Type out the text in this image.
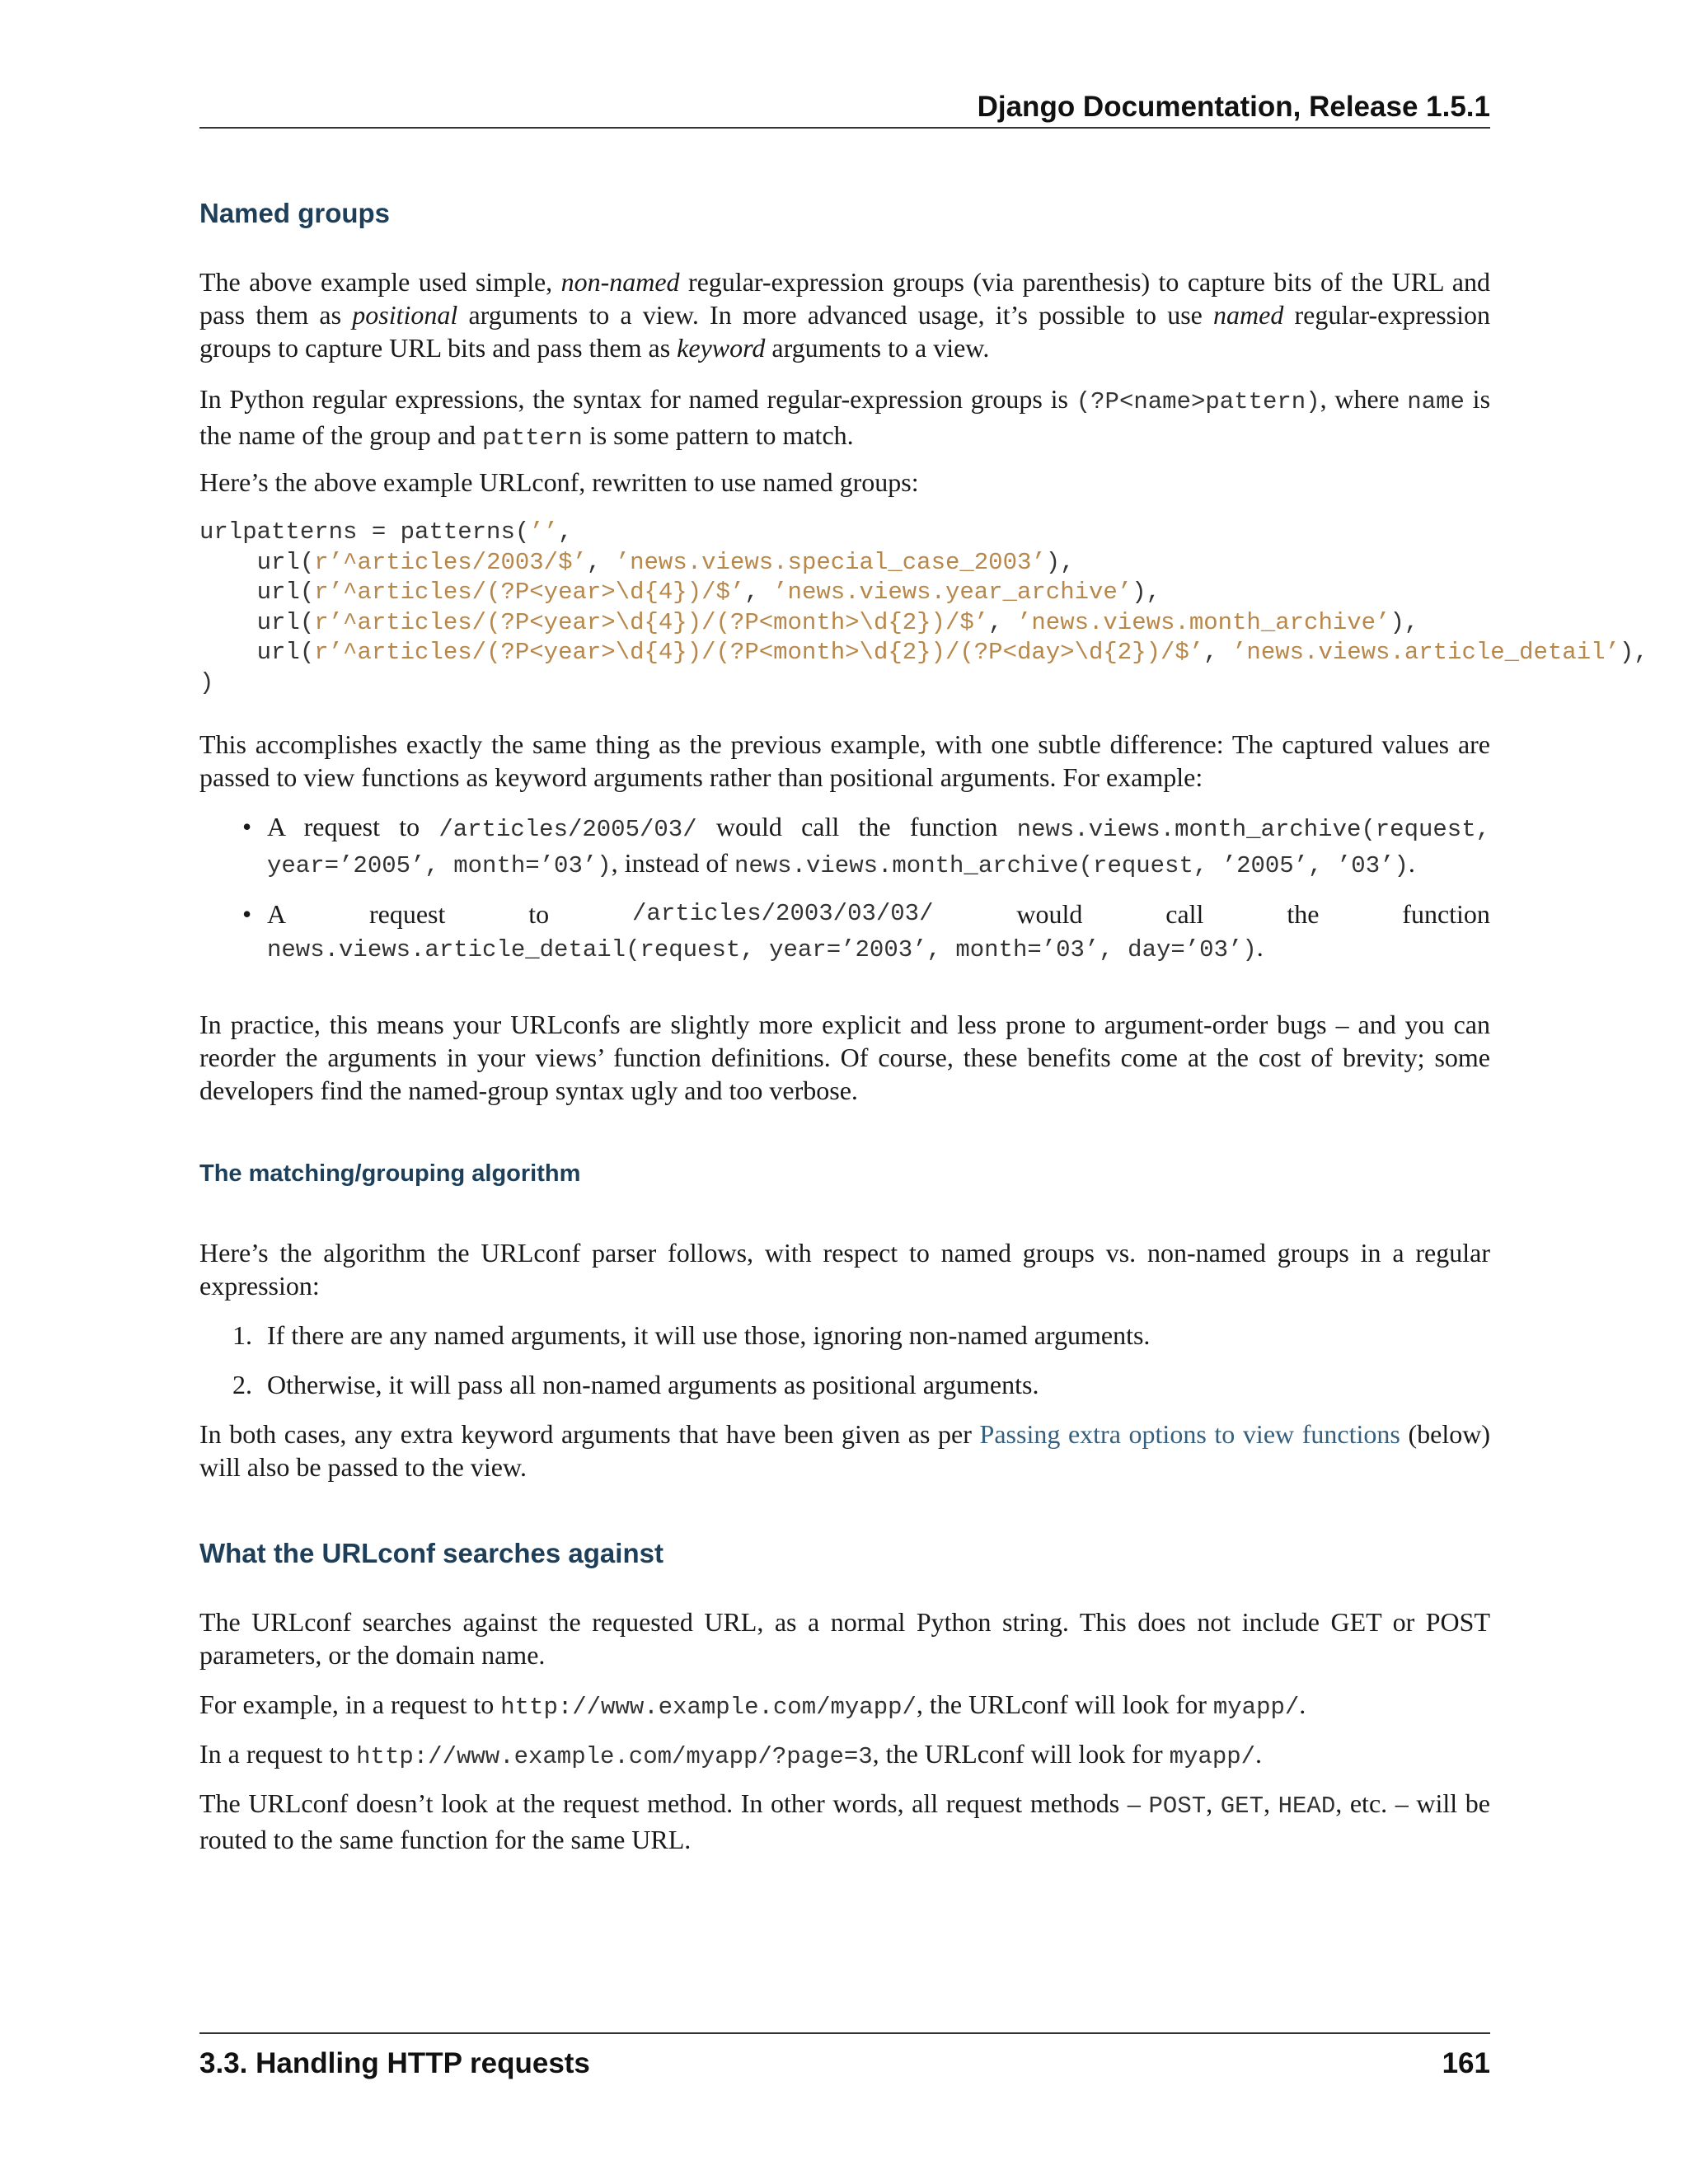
Django Documentation, Release 1.5.1
Named groups

The above example used simple, non-named regular-expression groups (via parenthesis) to capture bits of the URL and pass them as positional arguments to a view. In more advanced usage, it’s possible to use named regular-expression groups to capture URL bits and pass them as keyword arguments to a view.

In Python regular expressions, the syntax for named regular-expression groups is (?P<name>pattern), where name is the name of the group and pattern is some pattern to match.

Here’s the above example URLconf, rewritten to use named groups:

urlpatterns = patterns(’’,
url(r’^articles/2003/$’, ’news.views.special_case_2003’),
url(r’^articles/(?P<year>\d{4})/$’, ’news.views.year_archive’),
url(r’^articles/(?P<year>\d{4})/(?P<month>\d{2})/$’, ’news.views.month_archive’),
url(r’^articles/(?P<year>\d{4})/(?P<month>\d{2})/(?P<day>\d{2})/$’, ’news.views.article_detail’),
)

This accomplishes exactly the same thing as the previous example, with one subtle difference: The captured values are passed to view functions as keyword arguments rather than positional arguments. For example:

• A request to /articles/2005/03/ would call the function news.views.month_archive(request, year=’2005’, month=’03’), instead of news.views.month_archive(request, ’2005’, ’03’).
• A	request	to	/articles/2003/03/03/	would	call	the	function
news.views.article_detail(request, year=’2003’, month=’03’, day=’03’).

In practice, this means your URLconfs are slightly more explicit and less prone to argument-order bugs – and you can reorder the arguments in your views’ function definitions. Of course, these benefits come at the cost of brevity; some developers find the named-group syntax ugly and too verbose.

The matching/grouping algorithm

Here’s the algorithm the URLconf parser follows, with respect to named groups vs. non-named groups in a regular expression:

1. If there are any named arguments, it will use those, ignoring non-named arguments.
2. Otherwise, it will pass all non-named arguments as positional arguments.

In both cases, any extra keyword arguments that have been given as per Passing extra options to view functions (below) will also be passed to the view.

What the URLconf searches against

The URLconf searches against the requested URL, as a normal Python string. This does not include GET or POST parameters, or the domain name.

For example, in a request to http://www.example.com/myapp/, the URLconf will look for myapp/.

In a request to http://www.example.com/myapp/?page=3, the URLconf will look for myapp/.

The URLconf doesn’t look at the request method. In other words, all request methods – POST, GET, HEAD, etc. – will be routed to the same function for the same URL.

3.3. Handling HTTP requests	161
